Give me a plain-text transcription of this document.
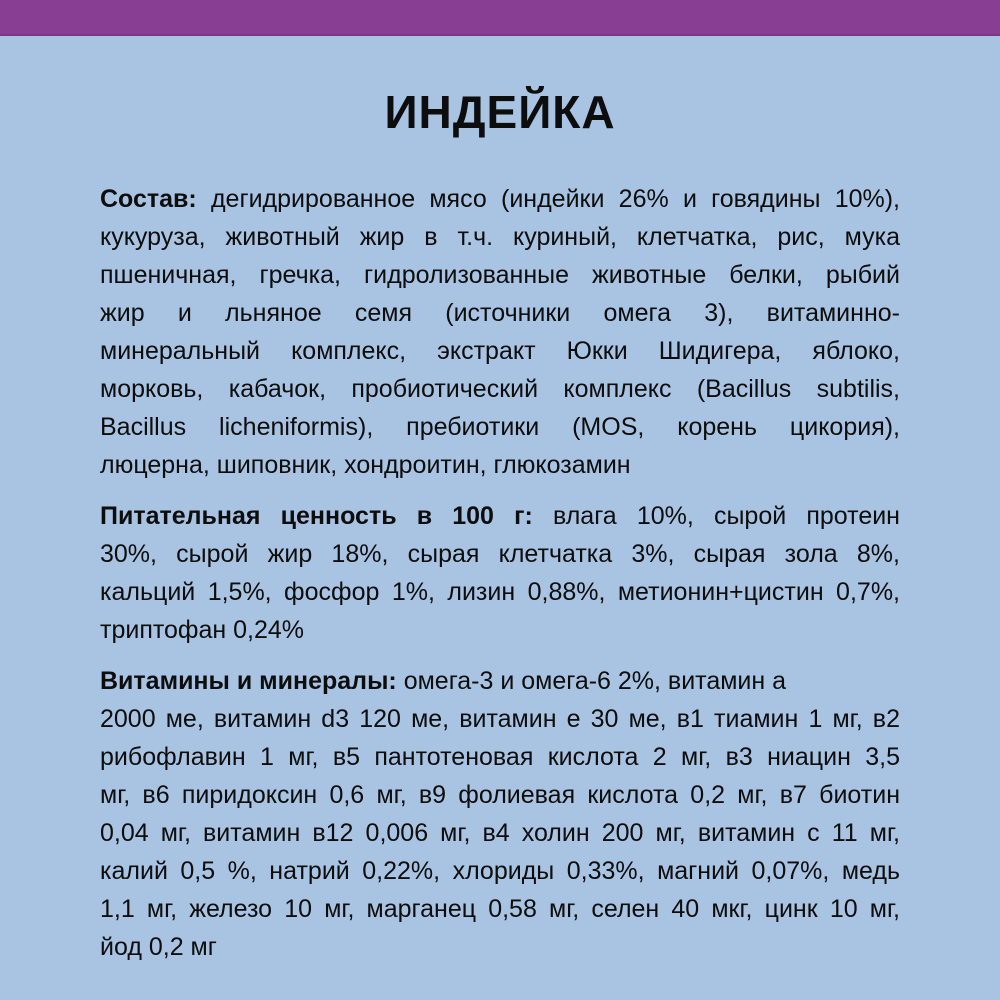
ИНДЕЙКА
Состав: дегидрированное мясо (индейки 26% и говядины 10%),
кукуруза, животный жир в т.ч. куриный, клетчатка, рис, мука
пшеничная, гречка, гидролизованные животные белки, рыбий
жир и льняное семя (источники омега 3), витаминно-
минеральный комплекс, экстракт Юкки Шидигера, яблоко,
морковь, кабачок, пробиотический комплекс (Bacillus subtilis,
Bacillus licheniformis), пребиотики (MOS, корень цикория),
люцерна, шиповник, хондроитин, глюкозамин
Питательная ценность в 100 г: влага 10%, сырой протеин
30%, сырой жир 18%, сырая клетчатка 3%, сырая зола 8%,
кальций 1,5%, фосфор 1%, лизин 0,88%, метионин+цистин 0,7%,
триптофан 0,24%
Витамины и минералы: омега-3 и омега-6 2%, витамин а
2000 ме, витамин d3 120 ме, витамин е 30 ме, в1 тиамин 1 мг, в2
рибофлавин 1 мг, в5 пантотеновая кислота 2 мг, в3 ниацин 3,5
мг, в6 пиридоксин 0,6 мг, в9 фолиевая кислота 0,2 мг, в7 биотин
0,04 мг, витамин в12 0,006 мг, в4 холин 200 мг, витамин с 11 мг,
калий 0,5 %, натрий 0,22%, хлориды 0,33%, магний 0,07%, медь
1,1 мг, железо 10 мг, марганец 0,58 мг, селен 40 мкг, цинк 10 мг,
йод 0,2 мг
